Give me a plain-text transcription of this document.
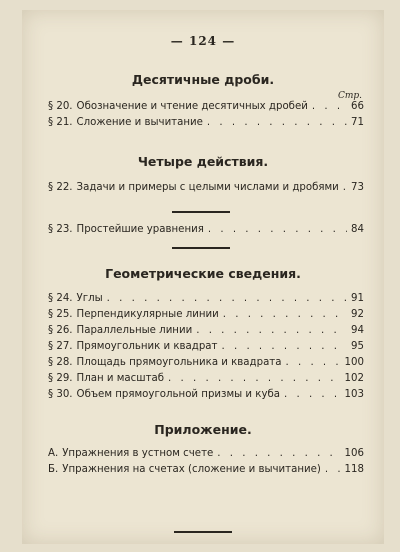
— 124 —
Десятичные дроби.
Стр.
§ 20. Обозначение и чтение десятичных дробей . . .	66
§ 21. Сложение и вычитание . . .	71
Четыре действия.
§ 22. Задачи и примеры с целыми числами и дробями . . . 73
§ 23. Простейшие уравнения . . .	84
Геометрические сведения.
§ 24. Углы . . .	91
§ 25. Перпендикулярные линии . . .	92
§ 26. Параллельные линии . . .	94
§ 27. Прямоугольник и квадрат . . .	95
§ 28. Площадь прямоугольника и квадрата . . .	100
§ 29. План и масштаб . . .	102
§ 30. Объем прямоугольной призмы и куба . . .	103
Приложение.
А. Упражнения в устном счете . . .	106
Б. Упражнения на счетах (сложение и вычитание) . . . 118
